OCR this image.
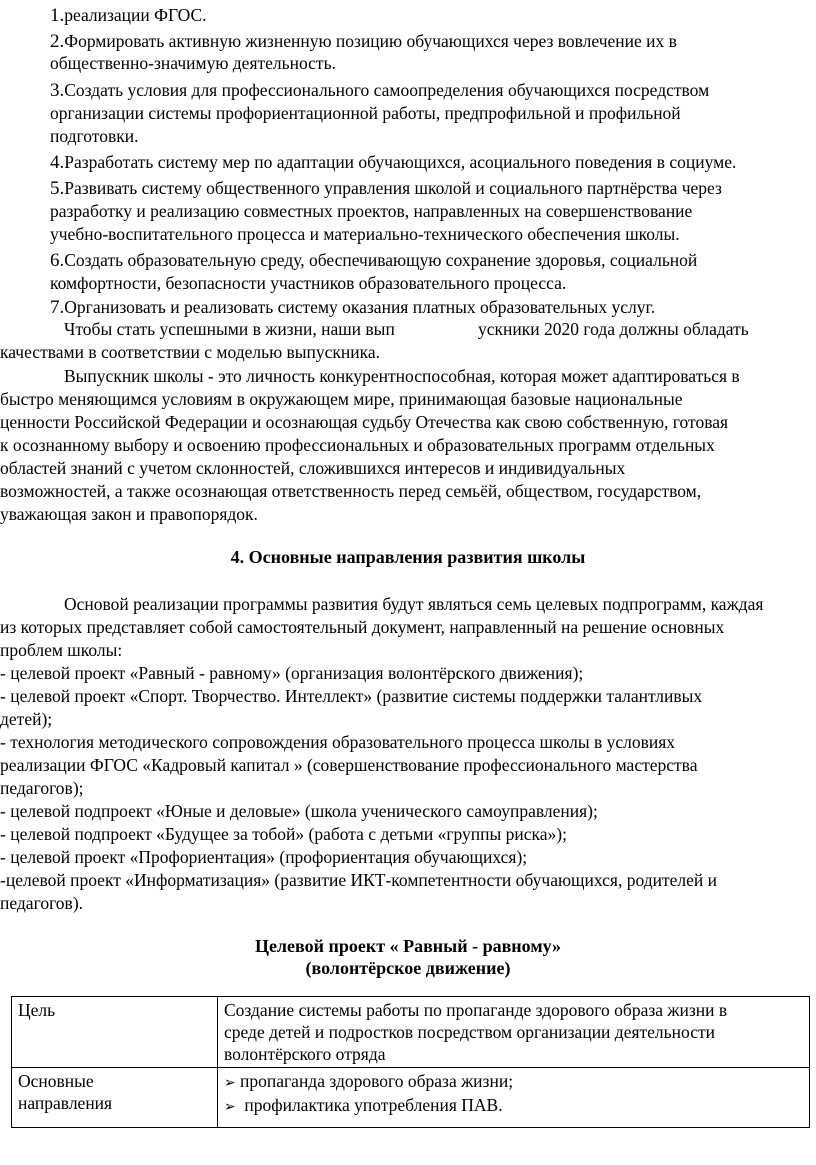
1.реализации ФГОС.
2.Формировать активную жизненную позицию обучающихся через вовлечение их в
общественно-значимую деятельность.
3.Создать условия для профессионального самоопределения обучающихся посредством
организации системы профориентационной работы, предпрофильной и профильной
подготовки.
4.Разработать систему мер по адаптации обучающихся, асоциального поведения в социуме.
5.Развивать систему общественного управления школой и социального партнёрства через
разработку и реализацию совместных проектов, направленных на совершенствование
учебно-воспитательного процесса и материально-технического обеспечения школы.
6.Создать образовательную среду, обеспечивающую сохранение здоровья, социальной
комфортности, безопасности участников образовательного процесса.
7.Организовать и реализовать систему оказания платных образовательных услуг.
Чтобы стать успешными в жизни, наши вып	ускники 2020 года должны обладать
качествами в соответствии с моделью выпускника.
Выпускник школы - это личность конкурентноспособная, которая может адаптироваться в
быстро меняющимся условиям в окружающем мире, принимающая базовые национальные
ценности Российской Федерации и осознающая судьбу Отечества как свою собственную, готовая
к осознанному выбору и освоению профессиональных и образовательных программ отдельных
областей знаний с учетом склонностей, сложившихся интересов и индивидуальных
возможностей, а также осознающая ответственность перед семьёй, обществом, государством,
уважающая закон и правопорядок.
4. Основные направления развития школы
Основой реализации программы развития будут являться семь целевых подпрограмм, каждая
из которых представляет собой самостоятельный документ, направленный на решение основных
проблем школы:
- целевой проект «Равный - равному» (организация волонтёрского движения);
- целевой проект «Спорт. Творчество. Интеллект» (развитие системы поддержки талантливых
детей);
- технология методического сопровождения образовательного процесса школы в условиях
реализации ФГОС «Кадровый капитал » (совершенствование профессионального мастерства
педагогов);
- целевой подпроект «Юные и деловые» (школа ученического самоуправления);
- целевой подпроект «Будущее за тобой» (работа с детьми «группы риска»);
- целевой проект «Профориентация» (профориентация обучающихся);
-целевой проект «Информатизация» (развитие ИКТ-компетентности обучающихся, родителей и
педагогов).
Целевой проект « Равный - равному»
(волонтёрское движение)
Цель	Создание системы работы по пропаганде здорового образа жизни в
среде детей и подростков посредством организации деятельности
волонтёрского отряда

Основные
направления	➢ пропаганда здорового образа жизни;
➢ профилактика употребления ПАВ.
